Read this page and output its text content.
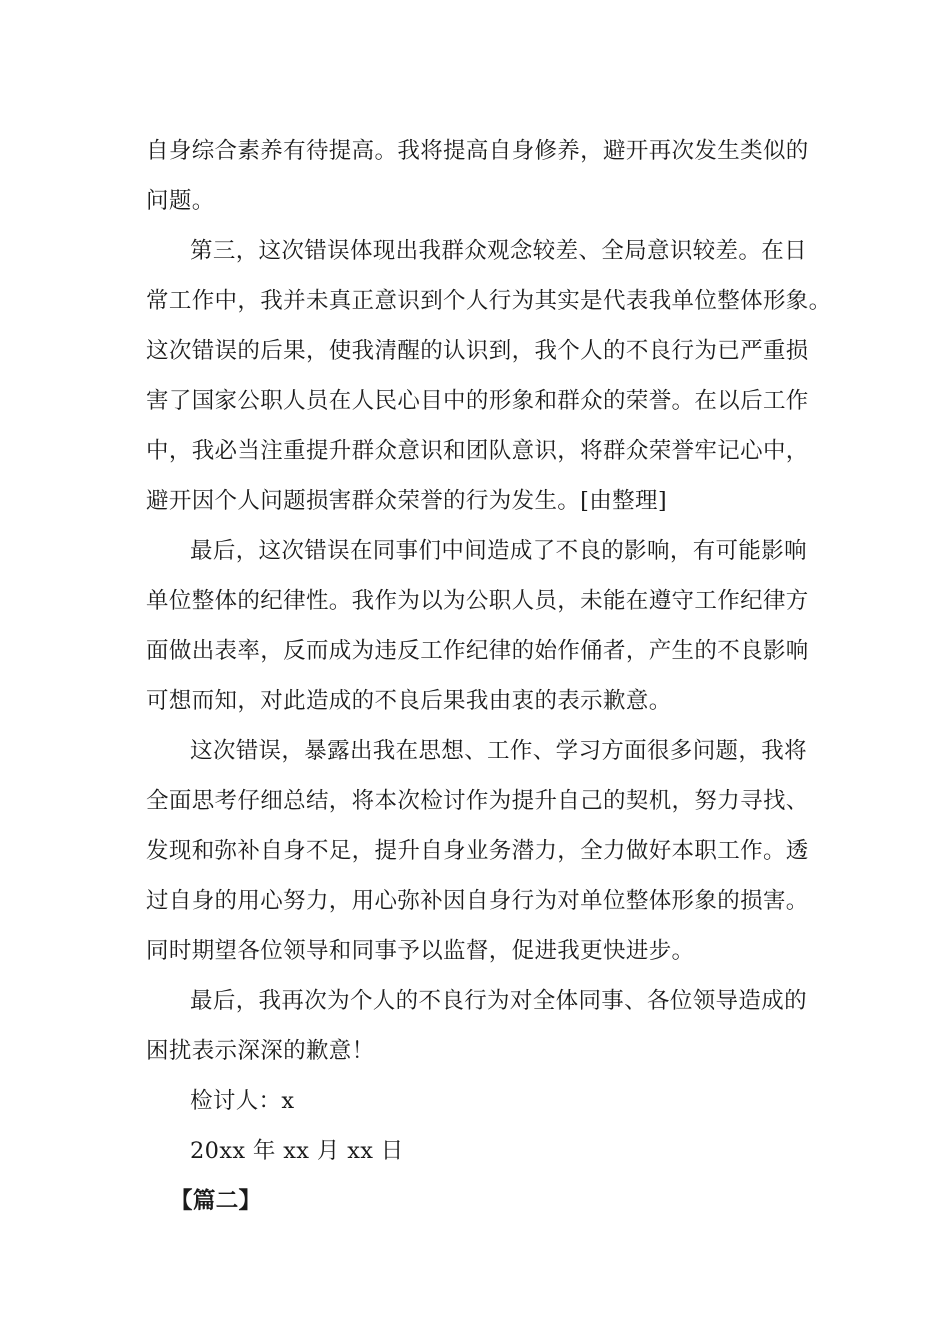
自身综合素养有待提高。我将提高自身修养，避开再次发生类似的
问题。
第三，这次错误体现出我群众观念较差、全局意识较差。在日
常工作中，我并未真正意识到个人行为其实是代表我单位整体形象。
这次错误的后果，使我清醒的认识到，我个人的不良行为已严重损
害了国家公职人员在人民心目中的形象和群众的荣誉。在以后工作
中，我必当注重提升群众意识和团队意识，将群众荣誉牢记心中，
避开因个人问题损害群众荣誉的行为发生。[由整理]
最后，这次错误在同事们中间造成了不良的影响，有可能影响
单位整体的纪律性。我作为以为公职人员，未能在遵守工作纪律方
面做出表率，反而成为违反工作纪律的始作俑者，产生的不良影响
可想而知，对此造成的不良后果我由衷的表示歉意。
这次错误，暴露出我在思想、工作、学习方面很多问题，我将
全面思考仔细总结，将本次检讨作为提升自己的契机，努力寻找、
发现和弥补自身不足，提升自身业务潜力，全力做好本职工作。透
过自身的用心努力，用心弥补因自身行为对单位整体形象的损害。
同时期望各位领导和同事予以监督，促进我更快进步。
最后，我再次为个人的不良行为对全体同事、各位领导造成的
困扰表示深深的歉意！
检讨人：x
20xx 年 xx 月 xx 日
【篇二】
